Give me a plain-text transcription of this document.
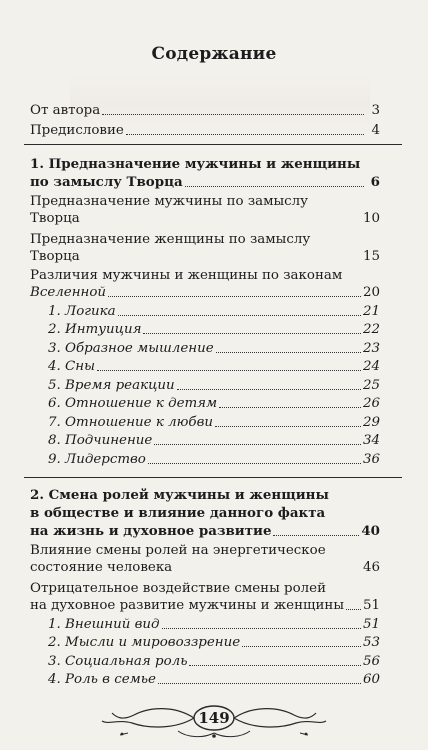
Содержание
От автора	3
Предисловие	4
1. Предназначение мужчины и женщины
по замыслу Творца	6
Предназначение мужчины по замыслу
Творца	10
Предназначение женщины по замыслу
Творца	15
Различия мужчины и женщины по законам
Вселенной	20
1. Логика	21
2. Интуиция	22
3. Образное мышление	23
4. Сны	24
5. Время реакции	25
6. Отношение к детям	26
7. Отношение к любви	29
8. Подчинение	34
9. Лидерство	36
2. Смена ролей мужчины и женщины
в обществе и влияние данного факта
на жизнь и духовное развитие	40
Влияние смены ролей на энергетическое
состояние человека	46
Отрицательное воздействие смены ролей
на духовное развитие мужчины и женщины 51
1. Внешний вид	51
2. Мысли и мировоззрение	53
3. Социальная роль	56
4. Роль в семье	60
149
